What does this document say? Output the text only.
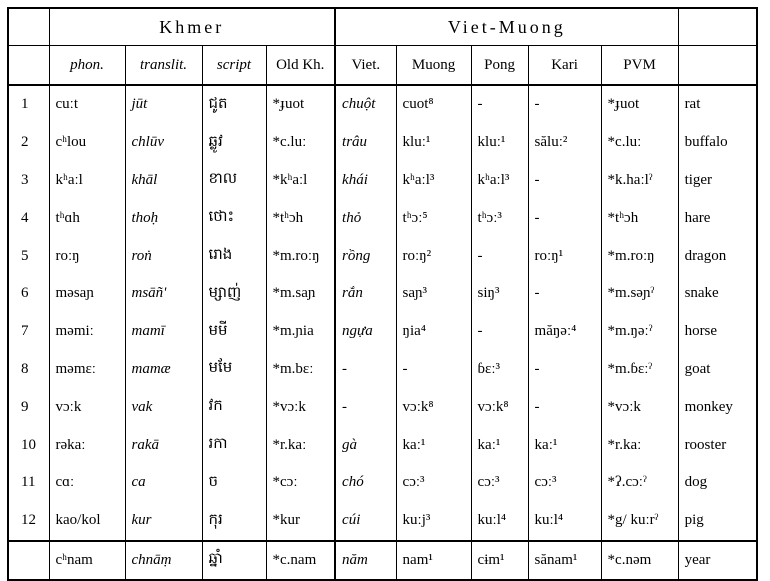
	Khmer				Viet-Muong					
	phon.	translit.	script	Old Kh.	Viet.	Muong	Pong	Kari	PVM	
1	cuːt	jūt	ជូត	*ɟuot	chuột	cuot⁸	-	-	*ɟuot	rat
2	cʰlou	chlūv	ឆ្លូវ	*c.luː	trâu	kluː¹	kluː¹	săluː²	*c.luː	buffalo
3	kʰaːl	khāl	ខាល	*kʰaːl	khái	kʰaːl³	kʰaːl³	-	*k.haːlˀ	tiger
4	tʰɑh	thoḥ	ថោះ	*tʰɔh	thỏ	tʰɔː⁵	tʰɔː³	-	*tʰɔh	hare
5	roːŋ	roṅ	រោង	*m.roːŋ	rồng	roːŋ²	-	roːŋ¹	*m.roːŋ	dragon
6	məsaɲ	msāñ'	ម្សាញ់	*m.saɲ	rắn	saɲ³	siŋ³	-	*m.səɲˀ	snake
7	məmiː	mamī	មមី	*m.ɲia	ngựa	ŋia⁴	-	măŋəː⁴	*m.ŋəːˀ	horse
8	məmɛː	mamæ	មមែ	*m.bɛː	-	-	ɓɛː³	-	*m.ɓɛːˀ	goat
9	vɔːk	vak	វក	*vɔːk	-	vɔːk⁸	vɔːk⁸	-	*vɔːk	monkey
10	rəkaː	rakā	រកា	*r.kaː	gà	kaː¹	kaː¹	kaː¹	*r.kaː	rooster
11	cɑː	ca	ច	*cɔː	chó	cɔː³	cɔː³	cɔː³	*ʔ.cɔːˀ	dog
12	kao/kol	kur	កុរ	*kur	cúi	kuːj³	kuːl⁴	kuːl⁴	*g/ kuːrˀ	pig
	cʰnam	chnāṃ	ឆ្នាំ	*c.nam	năm	nam¹	cɨm¹	sănam¹	*c.nəm	year
